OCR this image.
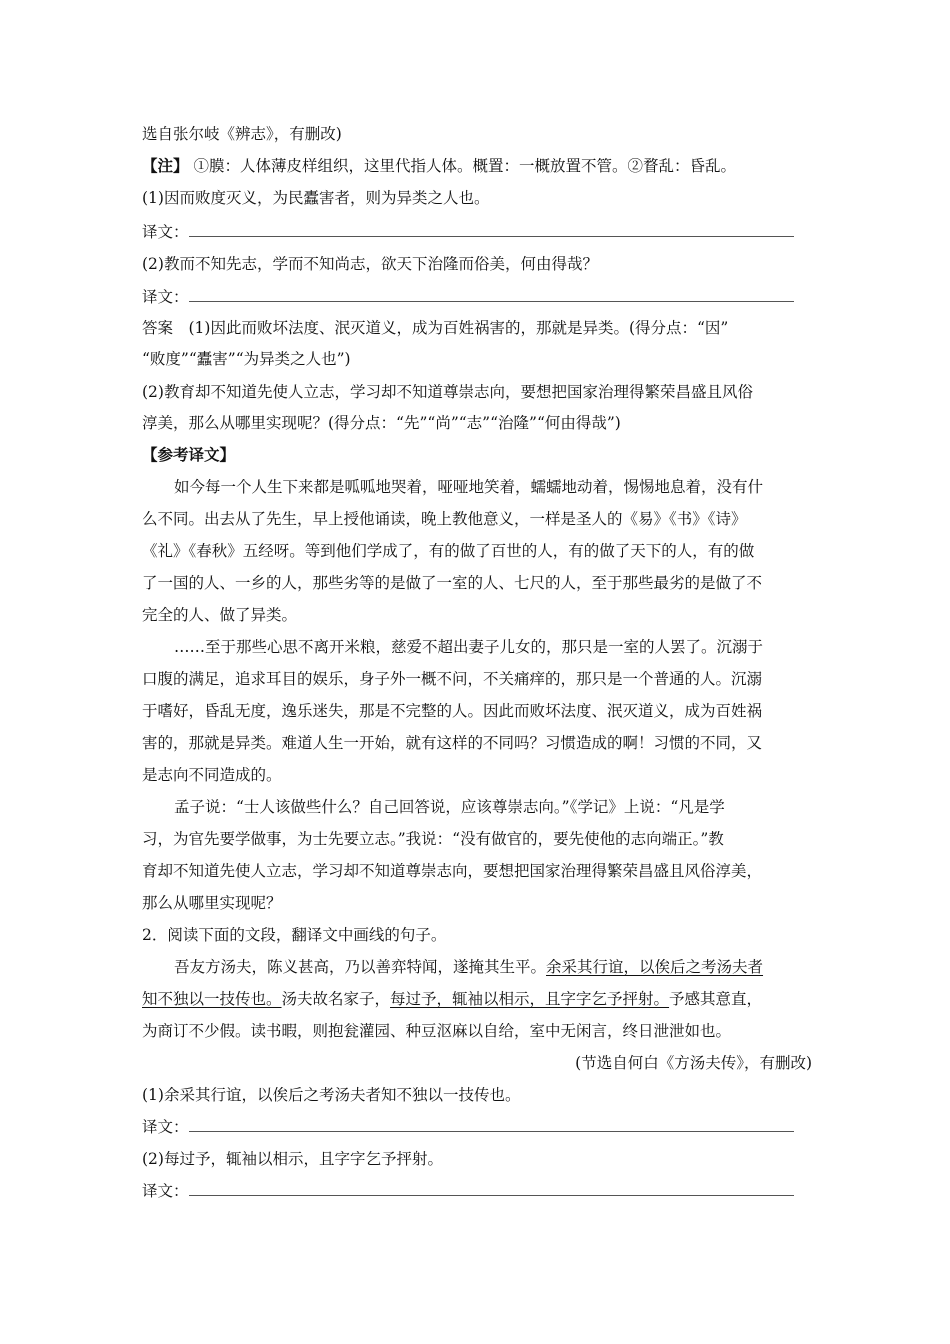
选自张尔岐《辨志》，有删改)
【注】 ①膜：人体薄皮样组织，这里代指人体。概置：一概放置不管。②瞀乱：昏乱。
(1)因而败度灭义，为民蠹害者，则为异类之人也。
译文：
(2)教而不知先志，学而不知尚志，欲天下治隆而俗美，何由得哉？
译文：
答案　(1)因此而败坏法度、泯灭道义，成为百姓祸害的，那就是异类。(得分点：“因”
“败度”“蠹害”“为异类之人也”)
(2)教育却不知道先使人立志，学习却不知道尊崇志向，要想把国家治理得繁荣昌盛且风俗
淳美，那么从哪里实现呢？(得分点：“先”“尚”“志”“治隆”“何由得哉”)
【参考译文】
如今每一个人生下来都是呱呱地哭着，哑哑地笑着，蠕蠕地动着，惕惕地息着，没有什
么不同。出去从了先生，早上授他诵读，晚上教他意义，一样是圣人的《易》《书》《诗》
《礼》《春秋》五经呀。等到他们学成了，有的做了百世的人，有的做了天下的人，有的做
了一国的人、一乡的人，那些劣等的是做了一室的人、七尺的人，至于那些最劣的是做了不
完全的人、做了异类。
……至于那些心思不离开米粮，慈爱不超出妻子儿女的，那只是一室的人罢了。沉溺于
口腹的满足，追求耳目的娱乐，身子外一概不问，不关痛痒的，那只是一个普通的人。沉溺
于嗜好，昏乱无度，逸乐迷失，那是不完整的人。因此而败坏法度、泯灭道义，成为百姓祸
害的，那就是异类。难道人生一开始，就有这样的不同吗？习惯造成的啊！习惯的不同，又
是志向不同造成的。
孟子说：“士人该做些什么？自己回答说，应该尊崇志向。”《学记》上说：“凡是学
习，为官先要学做事，为士先要立志。”我说：“没有做官的，要先使他的志向端正。”教
育却不知道先使人立志，学习却不知道尊崇志向，要想把国家治理得繁荣昌盛且风俗淳美，
那么从哪里实现呢？
2．阅读下面的文段，翻译文中画线的句子。
吾友方汤夫，陈义甚高，乃以善弈特闻，遂掩其生平。余采其行谊，以俟后之考汤夫者
知不独以一技传也。汤夫故名家子，每过予，辄袖以相示，且字字乞予抨射。予感其意直，
为商订不少假。读书暇，则抱瓮灌园、种豆沤麻以自给，室中无闲言，终日泄泄如也。
(节选自何白《方汤夫传》，有删改)
(1)余采其行谊，以俟后之考汤夫者知不独以一技传也。
译文：
(2)每过予，辄袖以相示，且字字乞予抨射。
译文：
